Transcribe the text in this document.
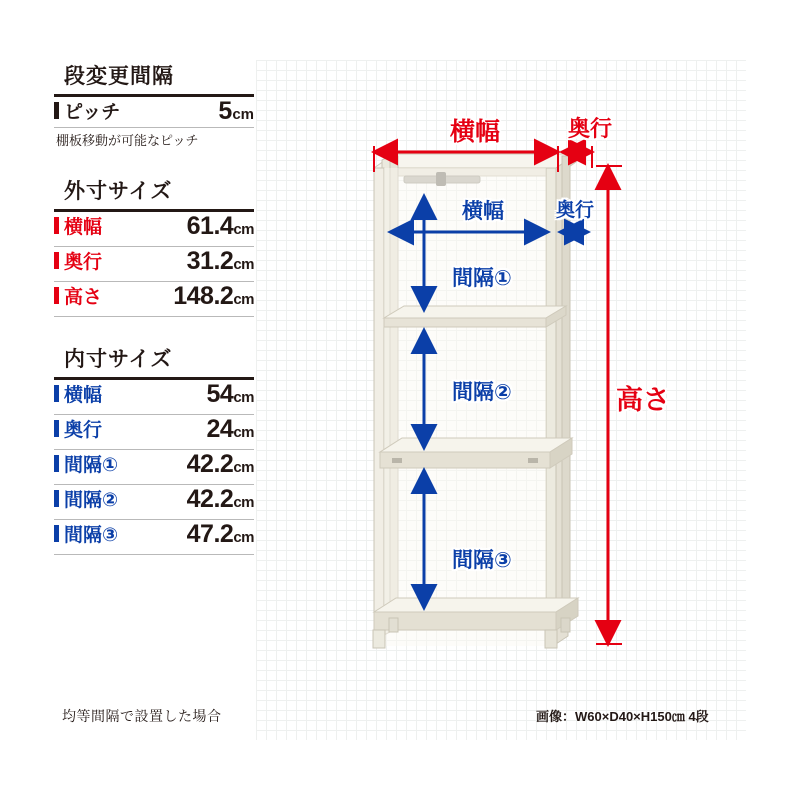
段変更間隔
ピッチ	5cm
棚板移動が可能なピッチ
外寸サイズ
横幅	61.4cm
奥行	31.2cm
高さ	148.2cm
内寸サイズ
横幅	54cm
奥行	24cm
間隔①	42.2cm
間隔②	42.2cm
間隔③	47.2cm
均等間隔で設置した場合	画像：W60×D40×H150㎝ 4段
横幅	奥行
高さ
横幅	奥行
間隔①
間隔②
間隔③
